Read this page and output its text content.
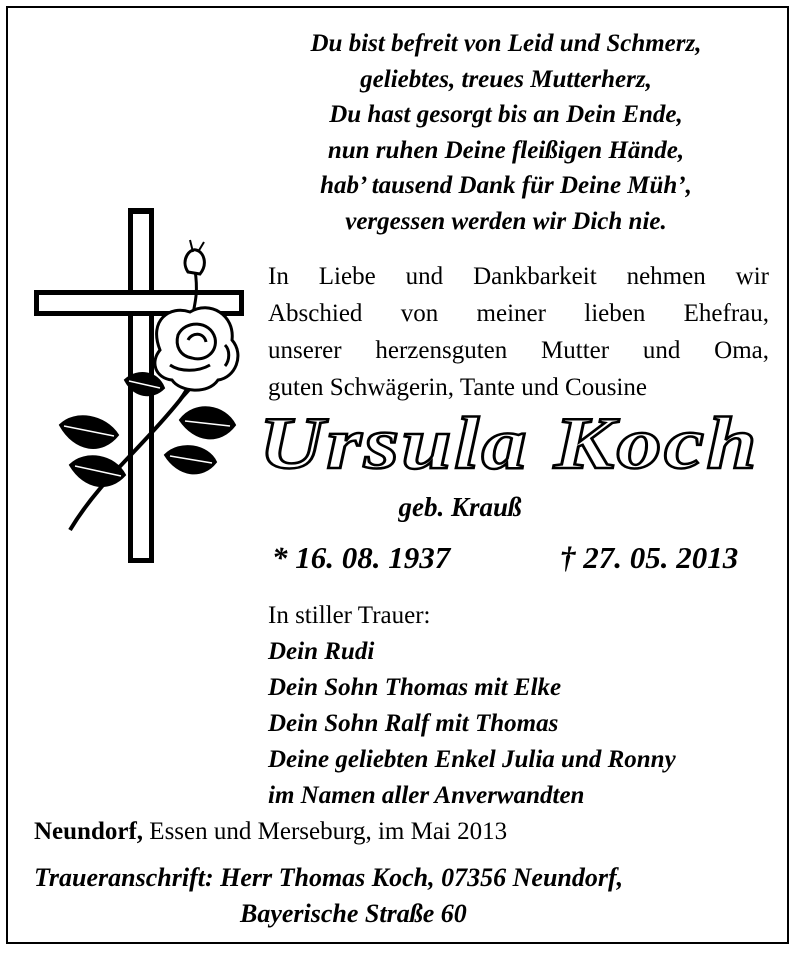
Du bist befreit von Leid und Schmerz,
geliebtes, treues Mutterherz,
Du hast gesorgt bis an Dein Ende,
nun ruhen Deine fleißigen Hände,
hab’ tausend Dank für Deine Müh’,
vergessen werden wir Dich nie.
In Liebe und Dankbarkeit nehmen wir
Abschied von meiner lieben Ehefrau,
unserer herzensguten Mutter und Oma,
guten Schwägerin, Tante und Cousine
Ursula Koch
geb. Krauß
* 16. 08. 1937	† 27. 05. 2013
In stiller Trauer:
Dein Rudi
Dein Sohn Thomas mit Elke
Dein Sohn Ralf mit Thomas
Deine geliebten Enkel Julia und Ronny
im Namen aller Anverwandten
Neundorf, Essen und Merseburg, im Mai 2013
Traueranschrift: Herr Thomas Koch, 07356 Neundorf,
Bayerische Straße 60
